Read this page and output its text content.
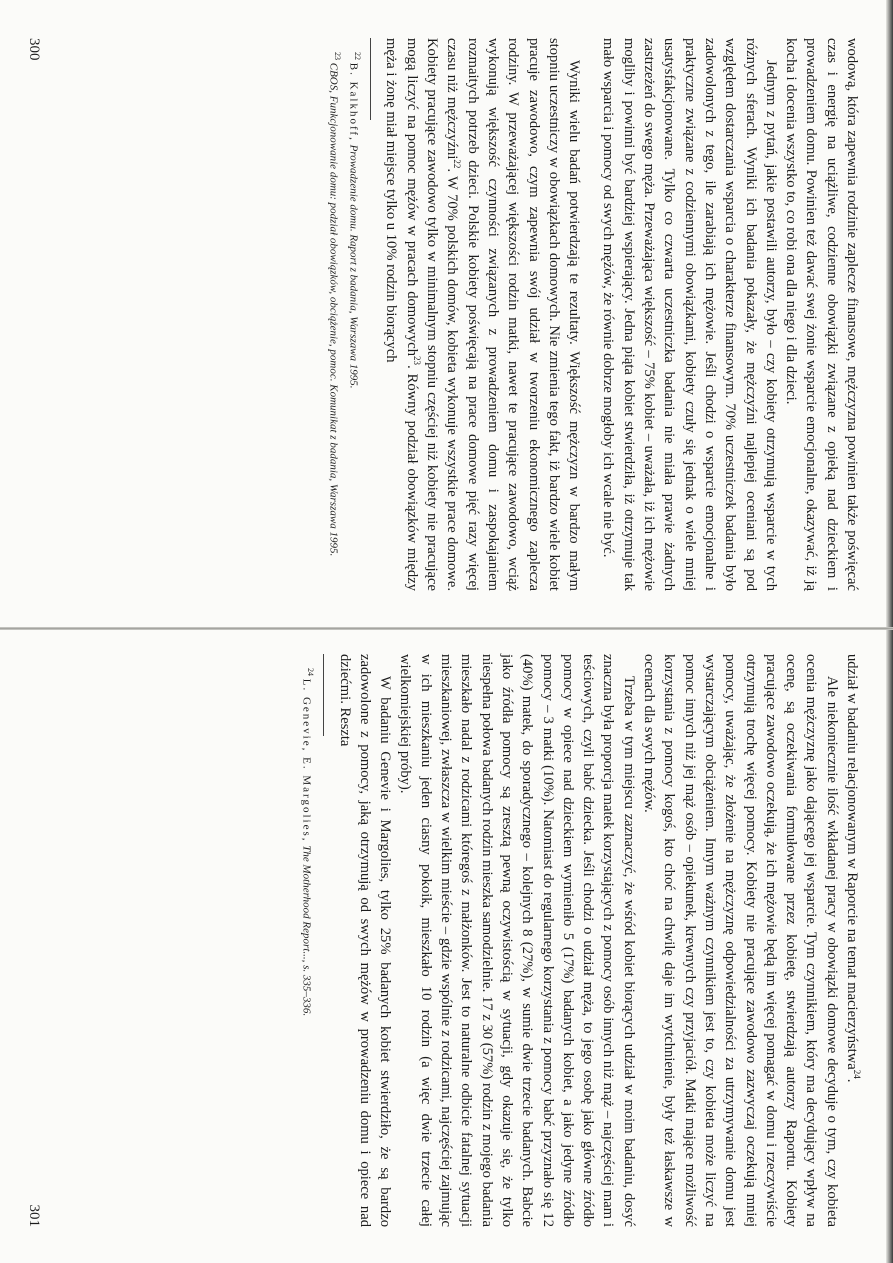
wodową, która zapewnia rodzinie zaplecze finansowe, mężczyzna powinien także poświęcać czas i energię na uciążliwe, codzienne obowiązki związane z opieką nad dzieckiem i prowadzeniem domu. Powinien też dawać swej żonie wsparcie emocjonalne, okazywać, iż ją kocha i docenia wszystko to, co robi ona dla niego i dla dzieci.

Jednym z pytań, jakie postawili autorzy, było – czy kobiety otrzymują wsparcie w tych różnych sferach. Wyniki ich badania pokazały, że mężczyźni najlepiej oceniani są pod względem dostarczania wsparcia o charakterze finansowym. 70% uczestniczek badania było zadowolonych z tego, ile zarabiają ich mężowie. Jeśli chodzi o wsparcie emocjonalne i praktyczne związane z codziennymi obowiązkami, kobiety czuły się jednak o wiele mniej usatysfakcjonowane. Tylko co czwarta uczestniczka badania nie miała prawie żadnych zastrzeżeń do swego męża. Przeważająca większość – 75% kobiet – uważała, iż ich mężowie mogliby i powinni być bardziej wspierający. Jedna piąta kobiet stwierdziła, iż otrzymuje tak mało wsparcia i pomocy od swych mężów, że równie dobrze mogłoby ich wcale nie być.

Wyniki wielu badań potwierdzają te rezultaty. Większość mężczyzn w bardzo małym stopniu uczestniczy w obowiązkach domowych. Nie zmienia tego fakt, iż bardzo wiele kobiet pracuje zawodowo, czym zapewnia swój udział w tworzeniu ekonomicznego zaplecza rodziny. W przeważającej większości rodzin matki, nawet te pracujące zawodowo, wciąż wykonują większość czynności związanych z prowadzeniem domu i zaspokajaniem rozmaitych potrzeb dzieci. Polskie kobiety poświęcają na prace domowe pięć razy więcej czasu niż mężczyźni$^{22}$. W 70% polskich domów, kobieta wykonuje wszystkie prace domowe. Kobiety pracujące zawodowo tylko w minimalnym stopniu częściej niż kobiety nie pracujące mogą liczyć na pomoc mężów w pracach domowych$^{23}$. Równy podział obowiązków między męża i żonę miał miejsce tylko u 10% rodzin biorących

$^{22}$ B. Kalkhoff, Prowadzenie domu. Raport z badania, Warszawa 1995.

$^{23}$ CBOS, Funkcjonowanie domu: podział obowiązków, obciążenie, pomoc. Komunikat z badania, Warszawa 1995.

300

udział w badaniu relacjonowanym w Raporcie na temat macierzyństwa$^{24}$.

Ale niekoniecznie ilość wkładanej pracy w obowiązki domowe decyduje o tym, czy kobieta ocenia mężczyznę jako dającego jej wsparcie. Tym czynnikiem, który ma decydujący wpływ na ocenę, są oczekiwania formułowane przez kobietę, stwierdzają autorzy Raportu. Kobiety pracujące zawodowo oczekują, że ich mężowie będą im więcej pomagać w domu i rzeczywiście otrzymują trochę więcej pomocy. Kobiety nie pracujące zawodowo zazwyczaj oczekują mniej pomocy, uważając, że złożenie na mężczyznę odpowiedzialności za utrzymywanie domu jest wystarczającym obciążeniem. Innym ważnym czynnikiem jest to, czy kobieta może liczyć na pomoc innych niż jej mąż osób – opiekunek, krewnych czy przyjaciół. Matki mające możliwość korzystania z pomocy kogoś, kto choć na chwilę daje im wytchnienie, były też łaskawsze w ocenach dla swych mężów.

Trzeba w tym miejscu zaznaczyć, że wśród kobiet biorących udział w moim badaniu, dosyć znaczna była proporcja matek korzystających z pomocy osób innych niż mąż – najczęściej mam i teściowych, czyli babć dziecka. Jeśli chodzi o udział męża, to jego osobę jako główne źródło pomocy w opiece nad dzieckiem wymieniło 5 (17%) badanych kobiet, a jako jedyne źródło pomocy – 3 matki (10%). Natomiast do regularnego korzystania z pomocy babć przyznało się 12 (40%) matek, do sporadycznego – kolejnych 8 (27%), w sumie dwie trzecie badanych. Babcie jako źródła pomocy są zresztą pewną oczywistością w sytuacji, gdy okazuje się, że tylko niespełna połowa badanych rodzin mieszka samodzielnie. 17 z 30 (57%) rodzin z mojego badania mieszkało nadal z rodzicami któregoś z małżonków. Jest to naturalne odbicie fatalnej sytuacji mieszkaniowej, zwłaszcza w wielkim mieście – gdzie wspólnie z rodzicami, najczęściej zajmując w ich mieszkaniu jeden ciasny pokoik, mieszkało 10 rodzin (a więc dwie trzecie całej wielkomiejskiej próby).

W badaniu Genevie i Margolies, tylko 25% badanych kobiet stwierdziło, że są bardzo zadowolone z pomocy, jaką otrzymują od swych mężów w prowadzeniu domu i opiece nad dziećmi. Reszta

$^{24}$ L. Genevie, E. Margolies, The Motherhood Report..., s. 335–336.

301
